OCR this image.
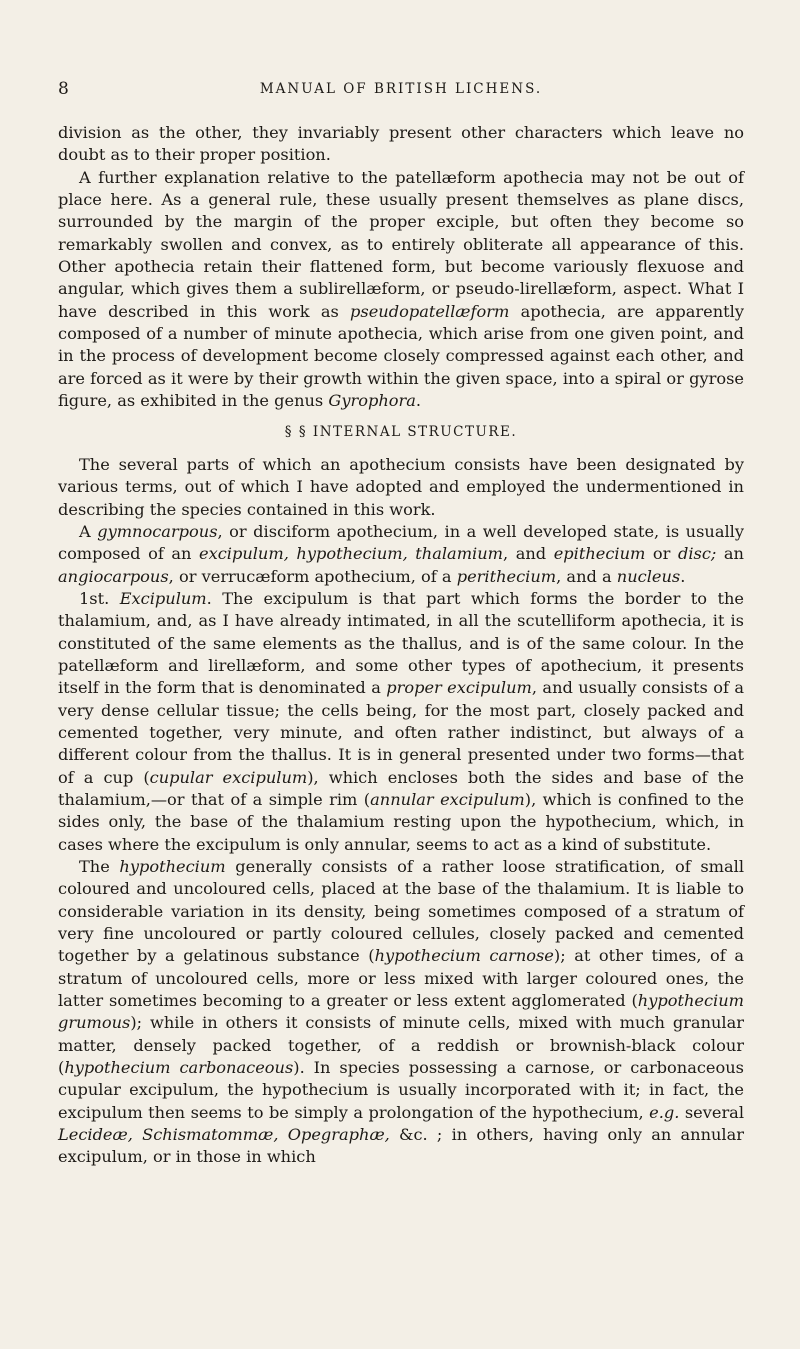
8	MANUAL OF BRITISH LICHENS.

division as the other, they invariably present other characters which leave no doubt as to their proper position.

A further explanation relative to the patellæform apothecia may not be out of place here. As a general rule, these usually present themselves as plane discs, surrounded by the margin of the proper exciple, but often they become so remarkably swollen and convex, as to entirely obliterate all appearance of this. Other apothecia retain their flattened form, but become variously flexuose and angular, which gives them a sublirellæform, or pseudo-lirellæform, aspect. What I have described in this work as pseudopatellæform apothecia, are apparently composed of a number of minute apothecia, which arise from one given point, and in the process of development become closely compressed against each other, and are forced as it were by their growth within the given space, into a spiral or gyrose figure, as exhibited in the genus Gyrophora.

§ § INTERNAL STRUCTURE.

The several parts of which an apothecium consists have been designated by various terms, out of which I have adopted and employed the undermentioned in describing the species contained in this work.

A gymnocarpous, or disciform apothecium, in a well developed state, is usually composed of an excipulum, hypothecium, thalamium, and epithecium or disc; an angiocarpous, or verrucæform apothecium, of a perithecium, and a nucleus.

1st. Excipulum. The excipulum is that part which forms the border to the thalamium, and, as I have already intimated, in all the scutelliform apothecia, it is constituted of the same elements as the thallus, and is of the same colour. In the patellæform and lirellæform, and some other types of apothecium, it presents itself in the form that is denominated a proper excipulum, and usually consists of a very dense cellular tissue; the cells being, for the most part, closely packed and cemented together, very minute, and often rather indistinct, but always of a different colour from the thallus. It is in general presented under two forms—that of a cup (cupular excipulum), which encloses both the sides and base of the thalamium,—or that of a simple rim (annular excipulum), which is confined to the sides only, the base of the thalamium resting upon the hypothecium, which, in cases where the excipulum is only annular, seems to act as a kind of substitute.

The hypothecium generally consists of a rather loose stratification, of small coloured and uncoloured cells, placed at the base of the thalamium. It is liable to considerable variation in its density, being sometimes composed of a stratum of very fine uncoloured or partly coloured cellules, closely packed and cemented together by a gelatinous substance (hypothecium carnose); at other times, of a stratum of uncoloured cells, more or less mixed with larger coloured ones, the latter sometimes becoming to a greater or less extent agglomerated (hypothecium grumous); while in others it consists of minute cells, mixed with much granular matter, densely packed together, of a reddish or brownish-black colour (hypothecium carbonaceous). In species possessing a carnose, or carbonaceous cupular excipulum, the hypothecium is usually incorporated with it; in fact, the excipulum then seems to be simply a prolongation of the hypothecium, e.g. several Lecideæ, Schismatommæ, Opegraphæ, &c. ; in others, having only an annular excipulum, or in those in which
